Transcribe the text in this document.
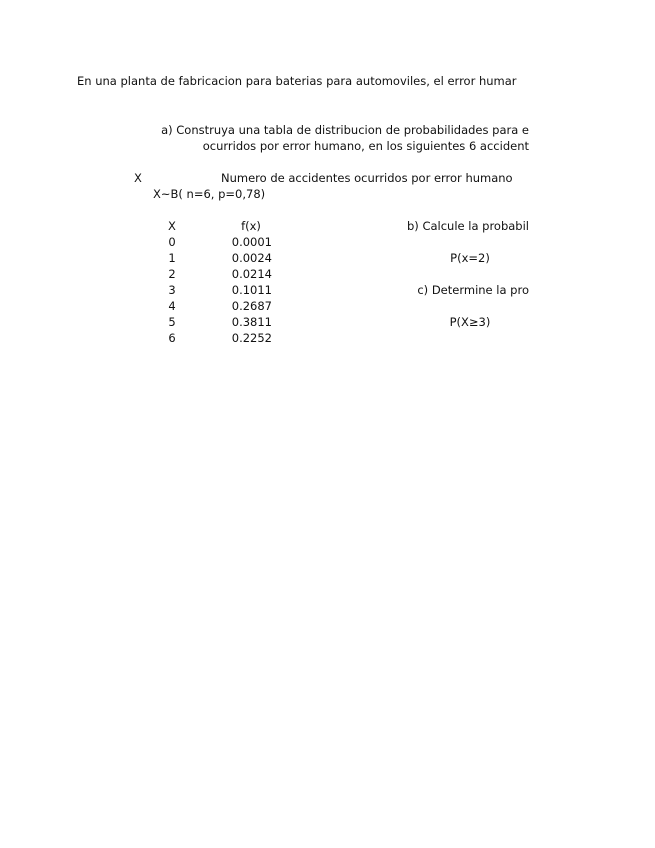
En una planta de fabricacion para baterias para automoviles, el error humar
a) Construya una tabla de distribucion de probabilidades para e
ocurridos por error humano, en los siguientes 6 accident
X	Numero de accidentes ocurridos por error humano
X~B( n=6, p=0,78)
X	f(x)
0	0.0001
1	0.0024
2	0.0214
3	0.1011
4	0.2687
5	0.3811
6	0.2252
b) Calcule la probabil
P(x=2)
c) Determine la pro
P(X≥3)
